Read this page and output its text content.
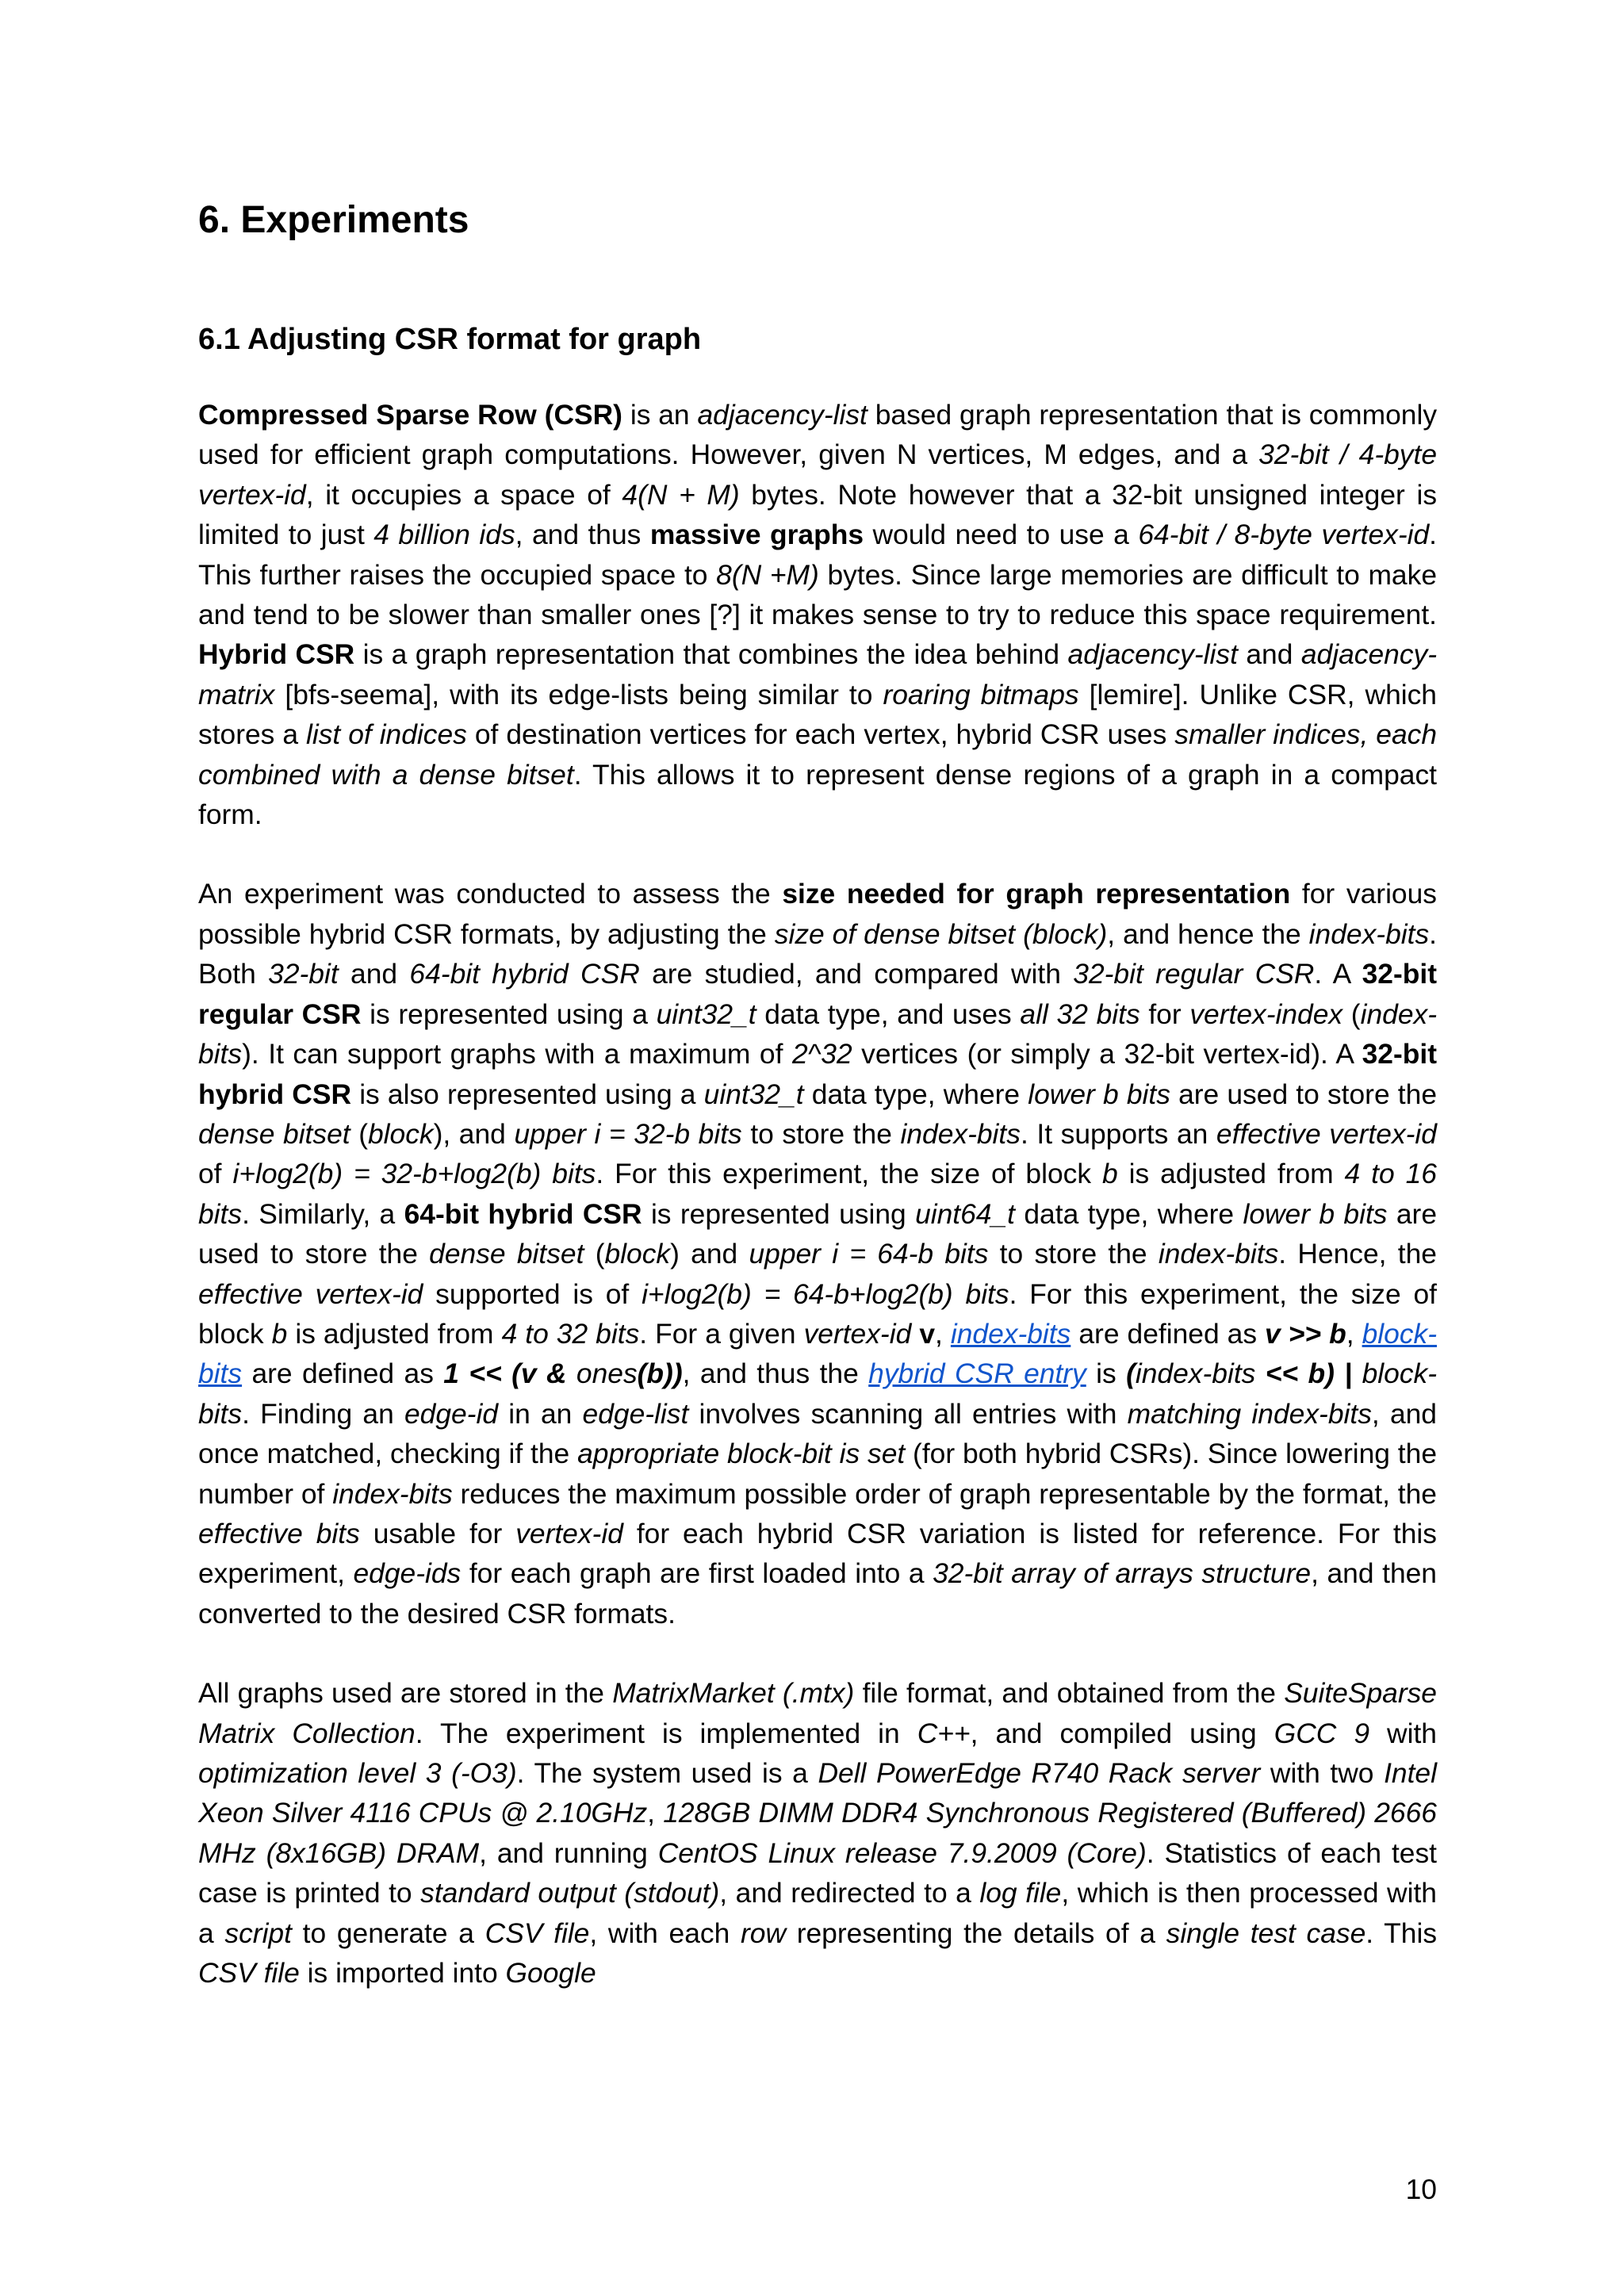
6. Experiments
6.1 Adjusting CSR format for graph

Compressed Sparse Row (CSR) is an adjacency-list based graph representation that is commonly used for efficient graph computations. However, given N vertices, M edges, and a 32-bit / 4-byte vertex-id, it occupies a space of 4(N + M) bytes. Note however that a 32-bit unsigned integer is limited to just 4 billion ids, and thus massive graphs would need to use a 64-bit / 8-byte vertex-id. This further raises the occupied space to 8(N +M) bytes. Since large memories are difficult to make and tend to be slower than smaller ones [?] it makes sense to try to reduce this space requirement. Hybrid CSR is a graph representation that combines the idea behind adjacency-list and adjacency-matrix [bfs-seema], with its edge-lists being similar to roaring bitmaps [lemire]. Unlike CSR, which stores a list of indices of destination vertices for each vertex, hybrid CSR uses smaller indices, each combined with a dense bitset. This allows it to represent dense regions of a graph in a compact form.

An experiment was conducted to assess the size needed for graph representation for various possible hybrid CSR formats, by adjusting the size of dense bitset (block), and hence the index-bits. Both 32-bit and 64-bit hybrid CSR are studied, and compared with 32-bit regular CSR. A 32-bit regular CSR is represented using a uint32_t data type, and uses all 32 bits for vertex-index (index-bits). It can support graphs with a maximum of 2^32 vertices (or simply a 32-bit vertex-id). A 32-bit hybrid CSR is also represented using a uint32_t data type, where lower b bits are used to store the dense bitset (block), and upper i = 32-b bits to store the index-bits. It supports an effective vertex-id of i+log2(b) = 32-b+log2(b) bits. For this experiment, the size of block b is adjusted from 4 to 16 bits. Similarly, a 64-bit hybrid CSR is represented using uint64_t data type, where lower b bits are used to store the dense bitset (block) and upper i = 64-b bits to store the index-bits. Hence, the effective vertex-id supported is of i+log2(b) = 64-b+log2(b) bits. For this experiment, the size of block b is adjusted from 4 to 32 bits. For a given vertex-id v, index-bits are defined as v >> b, block-bits are defined as 1 << (v & ones(b)), and thus the hybrid CSR entry is (index-bits << b) | block-bits. Finding an edge-id in an edge-list involves scanning all entries with matching index-bits, and once matched, checking if the appropriate block-bit is set (for both hybrid CSRs). Since lowering the number of index-bits reduces the maximum possible order of graph representable by the format, the effective bits usable for vertex-id for each hybrid CSR variation is listed for reference. For this experiment, edge-ids for each graph are first loaded into a 32-bit array of arrays structure, and then converted to the desired CSR formats.

All graphs used are stored in the MatrixMarket (.mtx) file format, and obtained from the SuiteSparse Matrix Collection. The experiment is implemented in C++, and compiled using GCC 9 with optimization level 3 (-O3). The system used is a Dell PowerEdge R740 Rack server with two Intel Xeon Silver 4116 CPUs @ 2.10GHz, 128GB DIMM DDR4 Synchronous Registered (Buffered) 2666 MHz (8x16GB) DRAM, and running CentOS Linux release 7.9.2009 (Core). Statistics of each test case is printed to standard output (stdout), and redirected to a log file, which is then processed with a script to generate a CSV file, with each row representing the details of a single test case. This CSV file is imported into Google

10
